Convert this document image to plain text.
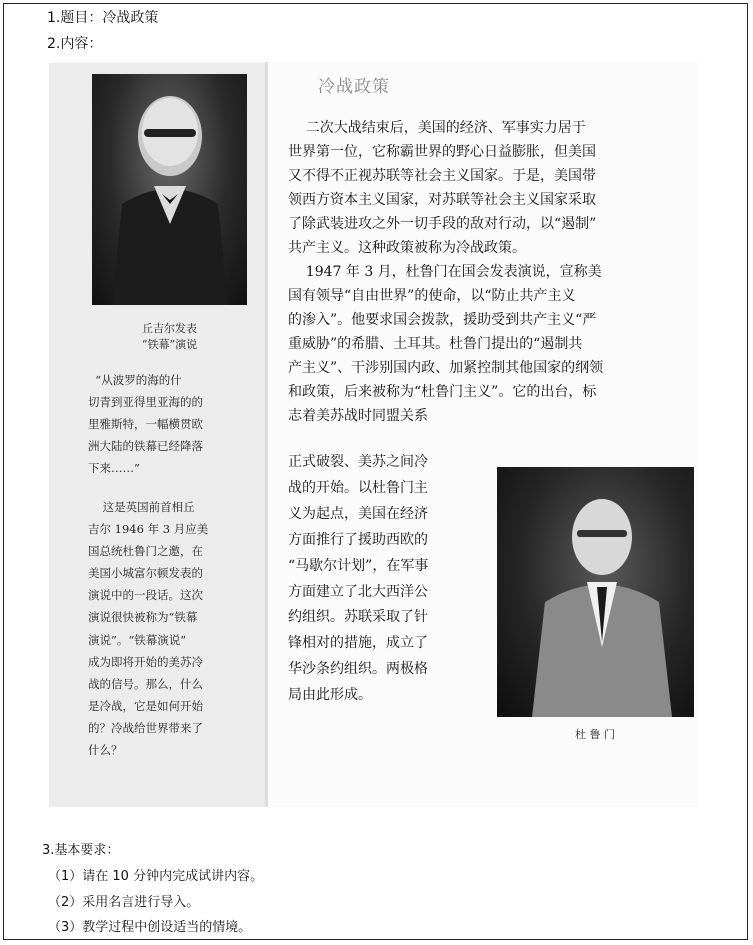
1.题目：冷战政策
2.内容：
丘吉尔发表
“铁幕”演说
“从波罗的海的什
切青到亚得里亚海的的
里雅斯特，一幅横贯欧
洲大陆的铁幕已经降落
下来……”
这是英国前首相丘
吉尔 1946 年 3 月应美
国总统杜鲁门之邀，在
美国小城富尔顿发表的
演说中的一段话。这次
演说很快被称为“铁幕
演说”。“铁幕演说”
成为即将开始的美苏冷
战的信号。那么，什么
是冷战，它是如何开始
的？冷战给世界带来了
什么？
冷战政策
二次大战结束后，美国的经济、军事实力居于
世界第一位，它称霸世界的野心日益膨胀，但美国
又不得不正视苏联等社会主义国家。于是，美国带
领西方资本主义国家，对苏联等社会主义国家采取
了除武装进攻之外一切手段的敌对行动，以“遏制”
共产主义。这种政策被称为冷战政策。
1947 年 3 月，杜鲁门在国会发表演说，宣称美
国有领导“自由世界”的使命，以“防止共产主义
的渗入”。他要求国会拨款，援助受到共产主义“严
重威胁”的希腊、土耳其。杜鲁门提出的“遏制共
产主义”、干涉别国内政、加紧控制其他国家的纲领
和政策，后来被称为“杜鲁门主义”。它的出台，标
志着美苏战时同盟关系
正式破裂、美苏之间冷
战的开始。以杜鲁门主
义为起点，美国在经济
方面推行了援助西欧的
“马歇尔计划”，在军事
方面建立了北大西洋公
约组织。苏联采取了针
锋相对的措施，成立了
华沙条约组织。两极格
局由此形成。
杜 鲁 门
3.基本要求：
（1）请在 10 分钟内完成试讲内容。
（2）采用名言进行导入。
（3）教学过程中创设适当的情境。
